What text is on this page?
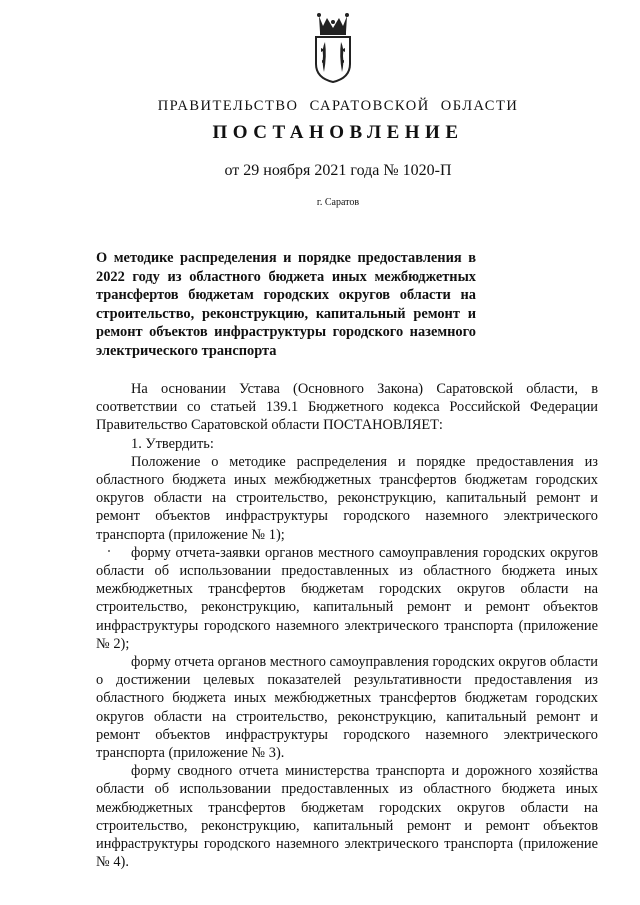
ПРАВИТЕЛЬСТВО САРАТОВСКОЙ ОБЛАСТИ
ПОСТАНОВЛЕНИЕ
от 29 ноября 2021 года № 1020-П
г. Саратов
О методике распределения и порядке предоставления в 2022 году из областного бюджета иных межбюджетных трансфертов бюджетам городских округов области на строительство, реконструкцию, капитальный ремонт и ремонт объектов инфраструктуры городского наземного электрического транспорта

На основании Устава (Основного Закона) Саратовской области, в соответствии со статьей 139.1 Бюджетного кодекса Российской Федерации Правительство Саратовской области ПОСТАНОВЛЯЕТ:

1. Утвердить:

Положение о методике распределения и порядке предоставления из областного бюджета иных межбюджетных трансфертов бюджетам городских округов области на строительство, реконструкцию, капитальный ремонт и ремонт объектов инфраструктуры городского наземного электрического транспорта (приложение № 1);

форму отчета-заявки органов местного самоуправления городских округов области об использовании предоставленных из областного бюджета иных межбюджетных трансфертов бюджетам городских округов области на строительство, реконструкцию, капитальный ремонт и ремонт объектов инфраструктуры городского наземного электрического транспорта (приложение № 2);

форму отчета органов местного самоуправления городских округов области о достижении целевых показателей результативности предоставления из областного бюджета иных межбюджетных трансфертов бюджетам городских округов области на строительство, реконструкцию, капитальный ремонт и ремонт объектов инфраструктуры городского наземного электрического транспорта (приложение № 3).

форму сводного отчета министерства транспорта и дорожного хозяйства области об использовании предоставленных из областного бюджета иных межбюджетных трансфертов бюджетам городских округов области на строительство, реконструкцию, капитальный ремонт и ремонт объектов инфраструктуры городского наземного электрического транспорта (приложение № 4).
